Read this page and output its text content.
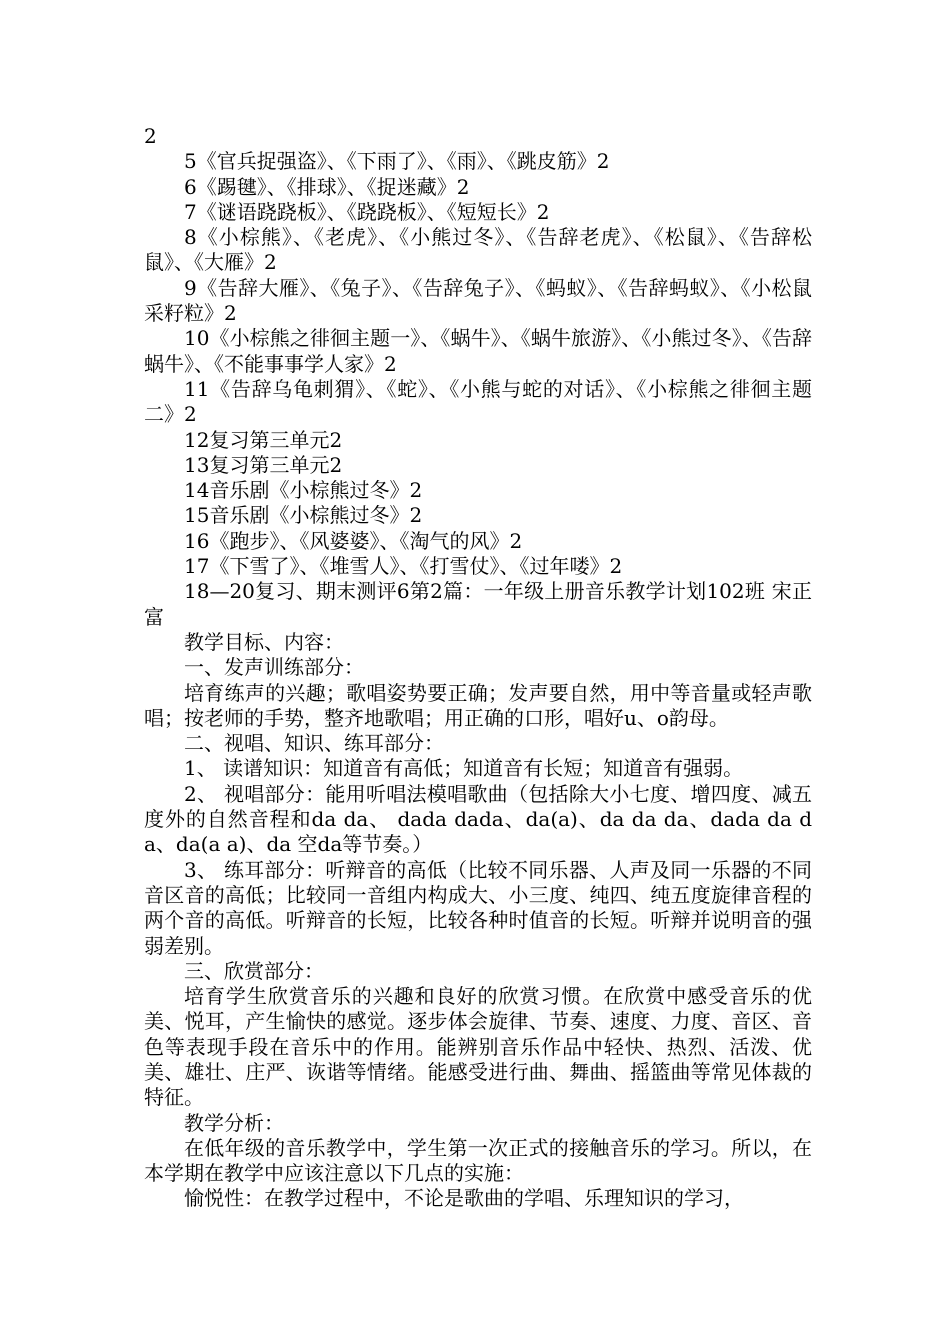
2

5《官兵捉强盗》、《下雨了》、《雨》、《跳皮筋》2

6《踢毽》、《排球》、《捉迷藏》2

7《谜语跷跷板》、《跷跷板》、《短短长》2

8《小棕熊》、《老虎》、《小熊过冬》、《告辞老虎》、《松鼠》、《告辞松鼠》、《大雁》2

9《告辞大雁》、《兔子》、《告辞兔子》、《蚂蚁》、《告辞蚂蚁》、《小松鼠采籽粒》2

10《小棕熊之徘徊主题一》、《蜗牛》、《蜗牛旅游》、《小熊过冬》、《告辞蜗牛》、《不能事事学人家》2

11《告辞乌龟刺猬》、《蛇》、《小熊与蛇的对话》、《小棕熊之徘徊主题二》2

12复习第三单元2

13复习第三单元2

14音乐剧《小棕熊过冬》2

15音乐剧《小棕熊过冬》2

16《跑步》、《风婆婆》、《淘气的风》2

17《下雪了》、《堆雪人》、《打雪仗》、《过年喽》2

18—20复习、期末测评6第2篇：一年级上册音乐教学计划102班 宋正富

教学目标、内容：

一、发声训练部分：

培育练声的兴趣；歌唱姿势要正确；发声要自然，用中等音量或轻声歌唱；按老师的手势，整齐地歌唱；用正确的口形，唱好u、o韵母。

二、视唱、知识、练耳部分：

1、 读谱知识：知道音有高低；知道音有长短；知道音有强弱。

2、 视唱部分：能用听唱法模唱歌曲（包括除大小七度、增四度、减五度外的自然音程和da da、 dada dada、da(a)、da da da、dada da da、da(a a)、da 空da等节奏。）

3、 练耳部分：听辩音的高低（比较不同乐器、人声及同一乐器的不同音区音的高低；比较同一音组内构成大、小三度、纯四、纯五度旋律音程的两个音的高低。听辩音的长短，比较各种时值音的长短。听辩并说明音的强弱差别。

三、欣赏部分：

培育学生欣赏音乐的兴趣和良好的欣赏习惯。在欣赏中感受音乐的优美、悦耳，产生愉快的感觉。逐步体会旋律、节奏、速度、力度、音区、音色等表现手段在音乐中的作用。能辨别音乐作品中轻快、热烈、活泼、优美、雄壮、庄严、诙谐等情绪。能感受进行曲、舞曲、摇篮曲等常见体裁的特征。

教学分析：

在低年级的音乐教学中，学生第一次正式的接触音乐的学习。所以，在本学期在教学中应该注意以下几点的实施：

愉悦性：在教学过程中，不论是歌曲的学唱、乐理知识的学习，
